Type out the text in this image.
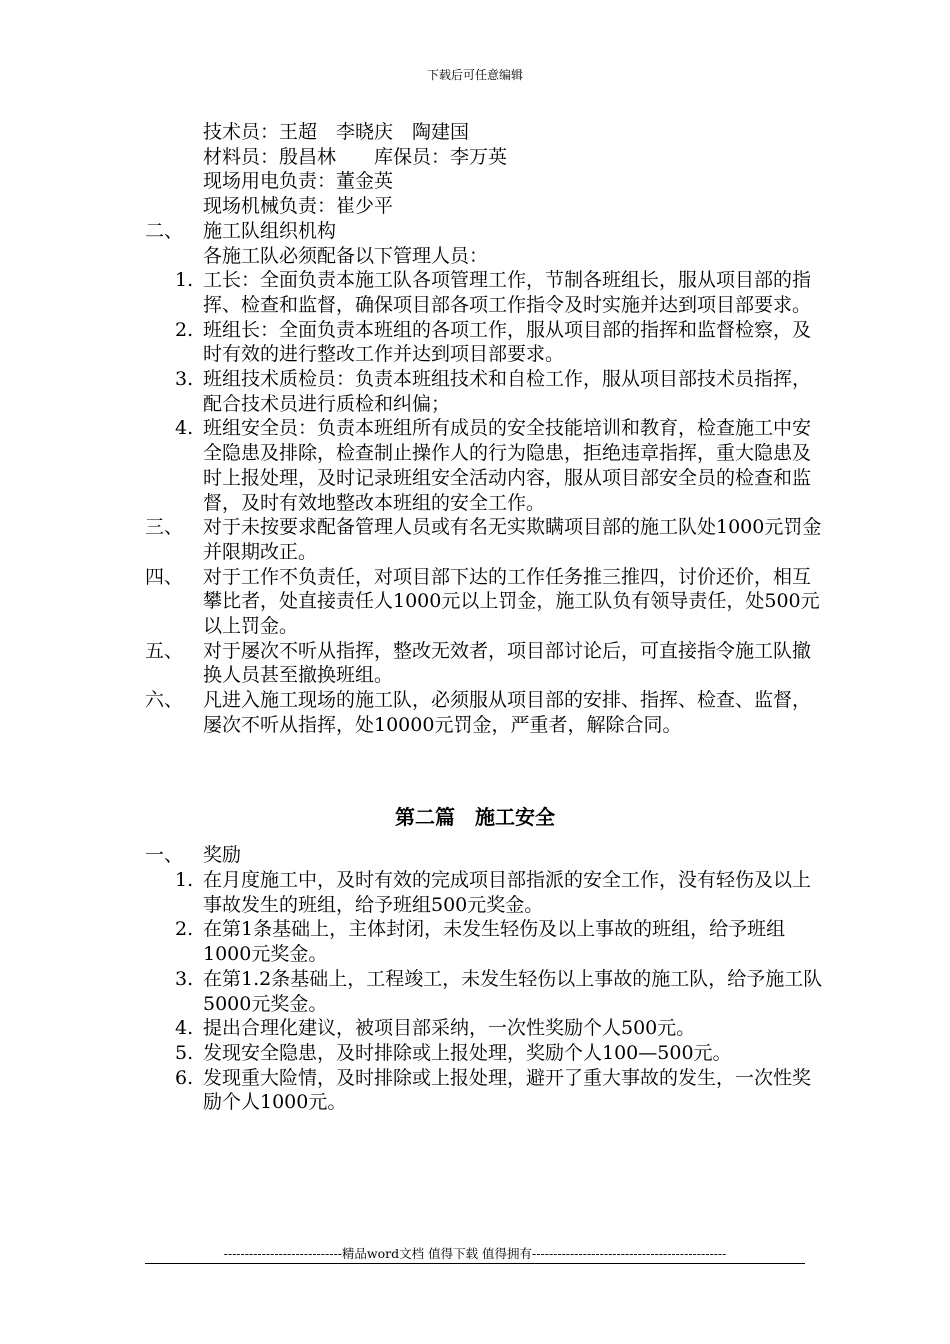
下载后可任意编辑
技术员：王超　李晓庆　陶建国
材料员：殷昌林　　库保员：李万英
现场用电负责：董金英
现场机械负责：崔少平
二、	施工队组织机构
各施工队必须配备以下管理人员：
1. 工长：全面负责本施工队各项管理工作，节制各班组长，服从项目部的指挥、检查和监督，确保项目部各项工作指令及时实施并达到项目部要求。
2. 班组长：全面负责本班组的各项工作，服从项目部的指挥和监督检察，及时有效的进行整改工作并达到项目部要求。
3. 班组技术质检员：负责本班组技术和自检工作，服从项目部技术员指挥，配合技术员进行质检和纠偏；
4. 班组安全员：负责本班组所有成员的安全技能培训和教育，检查施工中安全隐患及排除，检查制止操作人的行为隐患，拒绝违章指挥，重大隐患及时上报处理，及时记录班组安全活动内容，服从项目部安全员的检查和监督，及时有效地整改本班组的安全工作。
三、	对于未按要求配备管理人员或有名无实欺瞒项目部的施工队处1000元罚金并限期改正。
四、	对于工作不负责任，对项目部下达的工作任务推三推四，讨价还价，相互攀比者，处直接责任人1000元以上罚金，施工队负有领导责任，处500元以上罚金。
五、	对于屡次不听从指挥，整改无效者，项目部讨论后，可直接指令施工队撤换人员甚至撤换班组。
六、	凡进入施工现场的施工队，必须服从项目部的安排、指挥、检查、监督，屡次不听从指挥，处10000元罚金，严重者，解除合同。
第二篇　施工安全
一、	奖励
1. 在月度施工中，及时有效的完成项目部指派的安全工作，没有轻伤及以上事故发生的班组，给予班组500元奖金。
2. 在第1条基础上，主体封闭，未发生轻伤及以上事故的班组，给予班组1000元奖金。
3. 在第1.2条基础上，工程竣工，未发生轻伤以上事故的施工队，给予施工队5000元奖金。
4. 提出合理化建议，被项目部采纳，一次性奖励个人500元。
5. 发现安全隐患，及时排除或上报处理，奖励个人100—500元。
6. 发现重大险情，及时排除或上报处理，避开了重大事故的发生，一次性奖励个人1000元。
----------------------------精品word文档 值得下载 值得拥有----------------------------------------------
